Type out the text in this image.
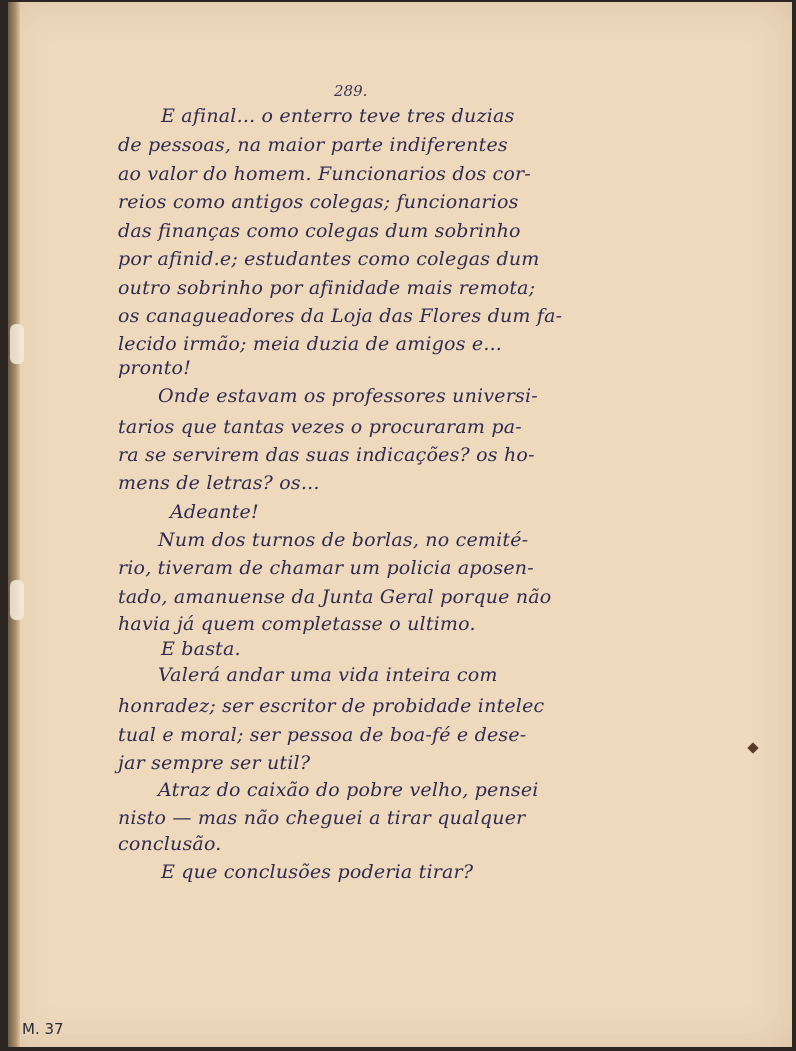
289.
E afinal... o enterro teve tres duzias
de pessoas, na maior parte indiferentes
ao valor do homem. Funcionarios dos cor-
reios como antigos colegas; funcionarios
das finanças como colegas dum sobrinho
por afinid.e; estudantes como colegas dum
outro sobrinho por afinidade mais remota;
os canagueadores da Loja das Flores dum fa-
lecido irmão; meia duzia de amigos e...
pronto!
Onde estavam os professores universi-
tarios que tantas vezes o procuraram pa-
ra se servirem das suas indicações? os ho-
mens de letras? os...
Adeante!
Num dos turnos de borlas, no cemité-
rio, tiveram de chamar um policia aposen-
tado, amanuense da Junta Geral porque não
havia já quem completasse o ultimo.
E basta.
Valerá andar uma vida inteira com
honradez; ser escritor de probidade intelec
tual e moral; ser pessoa de boa-fé e dese-
jar sempre ser util?
Atraz do caixão do pobre velho, pensei
nisto — mas não cheguei a tirar qualquer
conclusão.
E que conclusões poderia tirar?
M. 37
